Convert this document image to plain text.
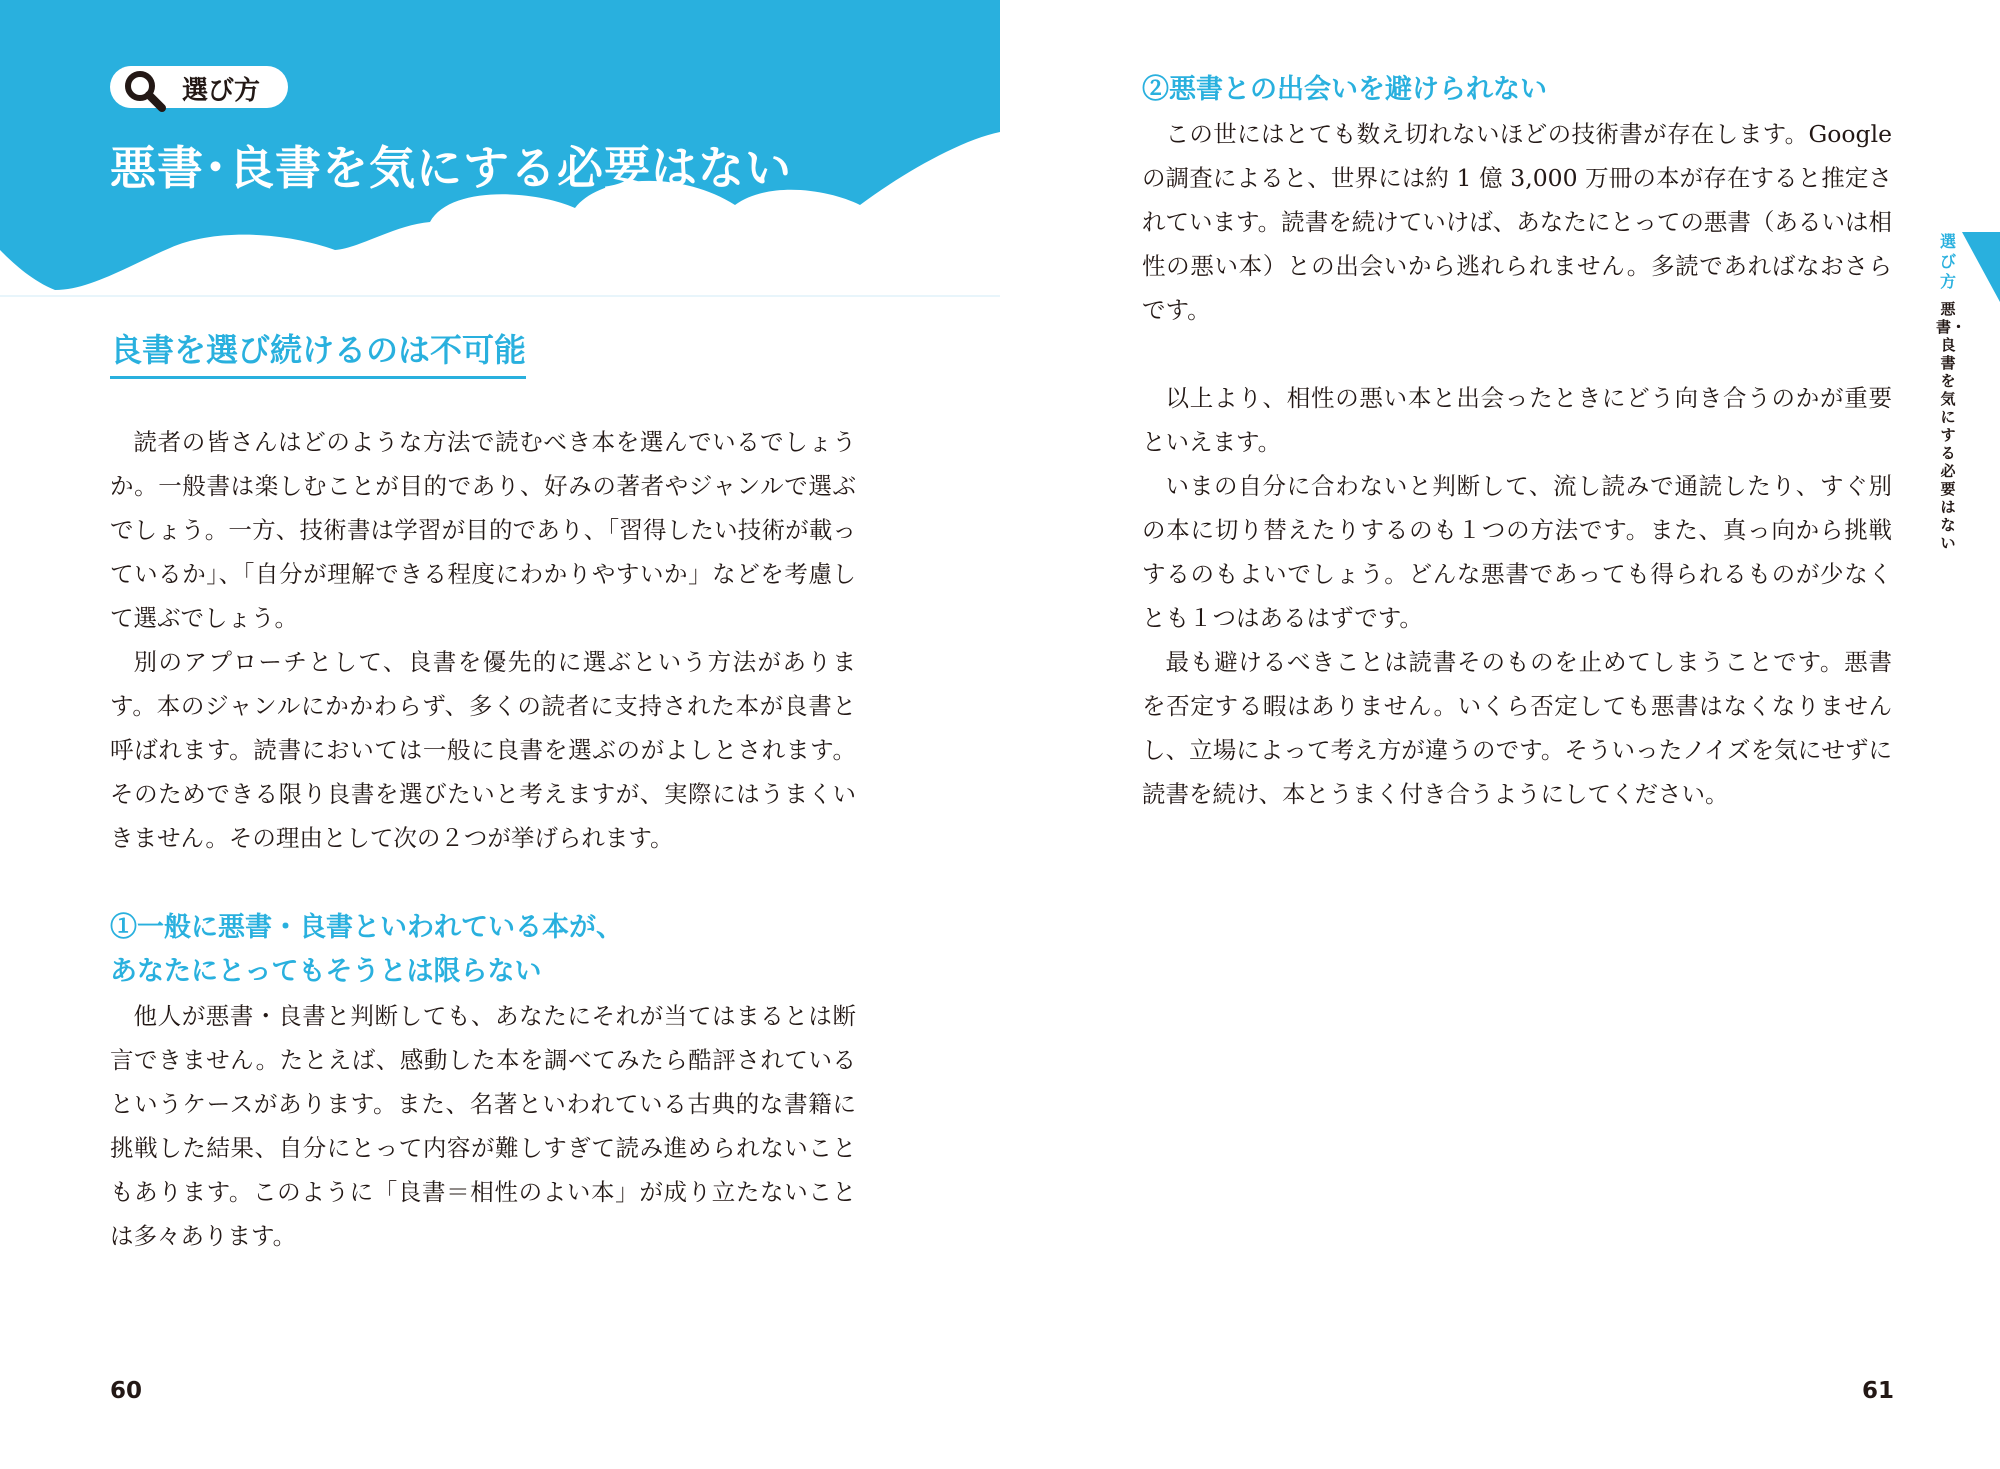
選び方
悪書･良書を気にする必要はない
良書を選び続けるのは不可能

読者の皆さんはどのような方法で読むべき本を選んでいるでしょうか。一般書は楽しむことが目的であり、好みの著者やジャンルで選ぶでしょう。一方、技術書は学習が目的であり、「習得したい技術が載っているか」、「自分が理解できる程度にわかりやすいか」などを考慮して選ぶでしょう。

別のアプローチとして、良書を優先的に選ぶという方法があります。本のジャンルにかかわらず、多くの読者に支持された本が良書と呼ばれます。読書においては一般に良書を選ぶのがよしとされます。そのためできる限り良書を選びたいと考えますが、実際にはうまくいきません。その理由として次の２つが挙げられます。

①一般に悪書・良書といわれている本が、
あなたにとってもそうとは限らない

他人が悪書・良書と判断しても、あなたにそれが当てはまるとは断言できません。たとえば、感動した本を調べてみたら酷評されているというケースがあります。また、名著といわれている古典的な書籍に挑戦した結果、自分にとって内容が難しすぎて読み進められないこともあります。このように「良書＝相性のよい本」が成り立たないことは多々あります。

60
②悪書との出会いを避けられない

この世にはとても数え切れないほどの技術書が存在します。Google の調査によると、世界には約 1 億 3,000 万冊の本が存在すると推定されています。読書を続けていけば、あなたにとっての悪書（あるいは相性の悪い本）との出会いから逃れられません。多読であればなおさらです。

以上より、相性の悪い本と出会ったときにどう向き合うのかが重要といえます。

いまの自分に合わないと判断して、流し読みで通読したり、すぐ別の本に切り替えたりするのも１つの方法です。また、真っ向から挑戦するのもよいでしょう。どんな悪書であっても得られるものが少なくとも１つはあるはずです。

最も避けるべきことは読書そのものを止めてしまうことです。悪書を否定する暇はありません。いくら否定しても悪書はなくなりませんし、立場によって考え方が違うのです。そういったノイズを気にせずに読書を続け、本とうまく付き合うようにしてください。

選び方
悪書・良書を気にする必要はない
61
